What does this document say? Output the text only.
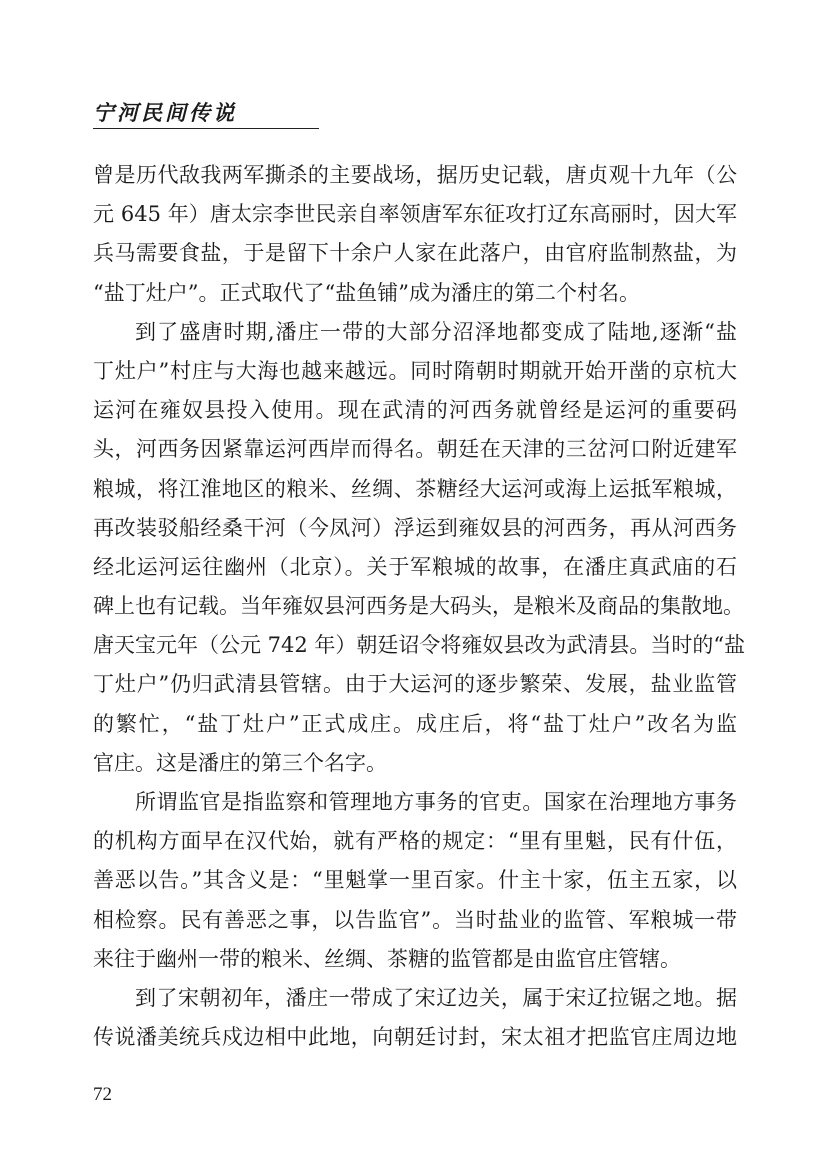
宁河民间传说
曾是历代敌我两军撕杀的主要战场，据历史记载，唐贞观十九年（公
元 645 年）唐太宗李世民亲自率领唐军东征攻打辽东高丽时，因大军
兵马需要食盐，于是留下十余户人家在此落户，由官府监制熬盐，为
“盐丁灶户”。正式取代了“盐鱼铺”成为潘庄的第二个村名。
到了盛唐时期,潘庄一带的大部分沼泽地都变成了陆地,逐渐“盐
丁灶户”村庄与大海也越来越远。同时隋朝时期就开始开凿的京杭大
运河在雍奴县投入使用。现在武清的河西务就曾经是运河的重要码
头，河西务因紧靠运河西岸而得名。朝廷在天津的三岔河口附近建军
粮城，将江淮地区的粮米、丝绸、茶糖经大运河或海上运抵军粮城，
再改装驳船经桑干河（今凤河）浮运到雍奴县的河西务，再从河西务
经北运河运往幽州（北京）。关于军粮城的故事，在潘庄真武庙的石
碑上也有记载。当年雍奴县河西务是大码头，是粮米及商品的集散地。
唐天宝元年（公元 742 年）朝廷诏令将雍奴县改为武清县。当时的“盐
丁灶户”仍归武清县管辖。由于大运河的逐步繁荣、发展，盐业监管
的繁忙，“盐丁灶户”正式成庄。成庄后，将“盐丁灶户”改名为监
官庄。这是潘庄的第三个名字。
所谓监官是指监察和管理地方事务的官吏。国家在治理地方事务
的机构方面早在汉代始，就有严格的规定：“里有里魁，民有什伍，
善恶以告。”其含义是：“里魁掌一里百家。什主十家，伍主五家，以
相检察。民有善恶之事，以告监官”。当时盐业的监管、军粮城一带
来往于幽州一带的粮米、丝绸、茶糖的监管都是由监官庄管辖。
到了宋朝初年，潘庄一带成了宋辽边关，属于宋辽拉锯之地。据
传说潘美统兵戍边相中此地，向朝廷讨封，宋太祖才把监官庄周边地
72
